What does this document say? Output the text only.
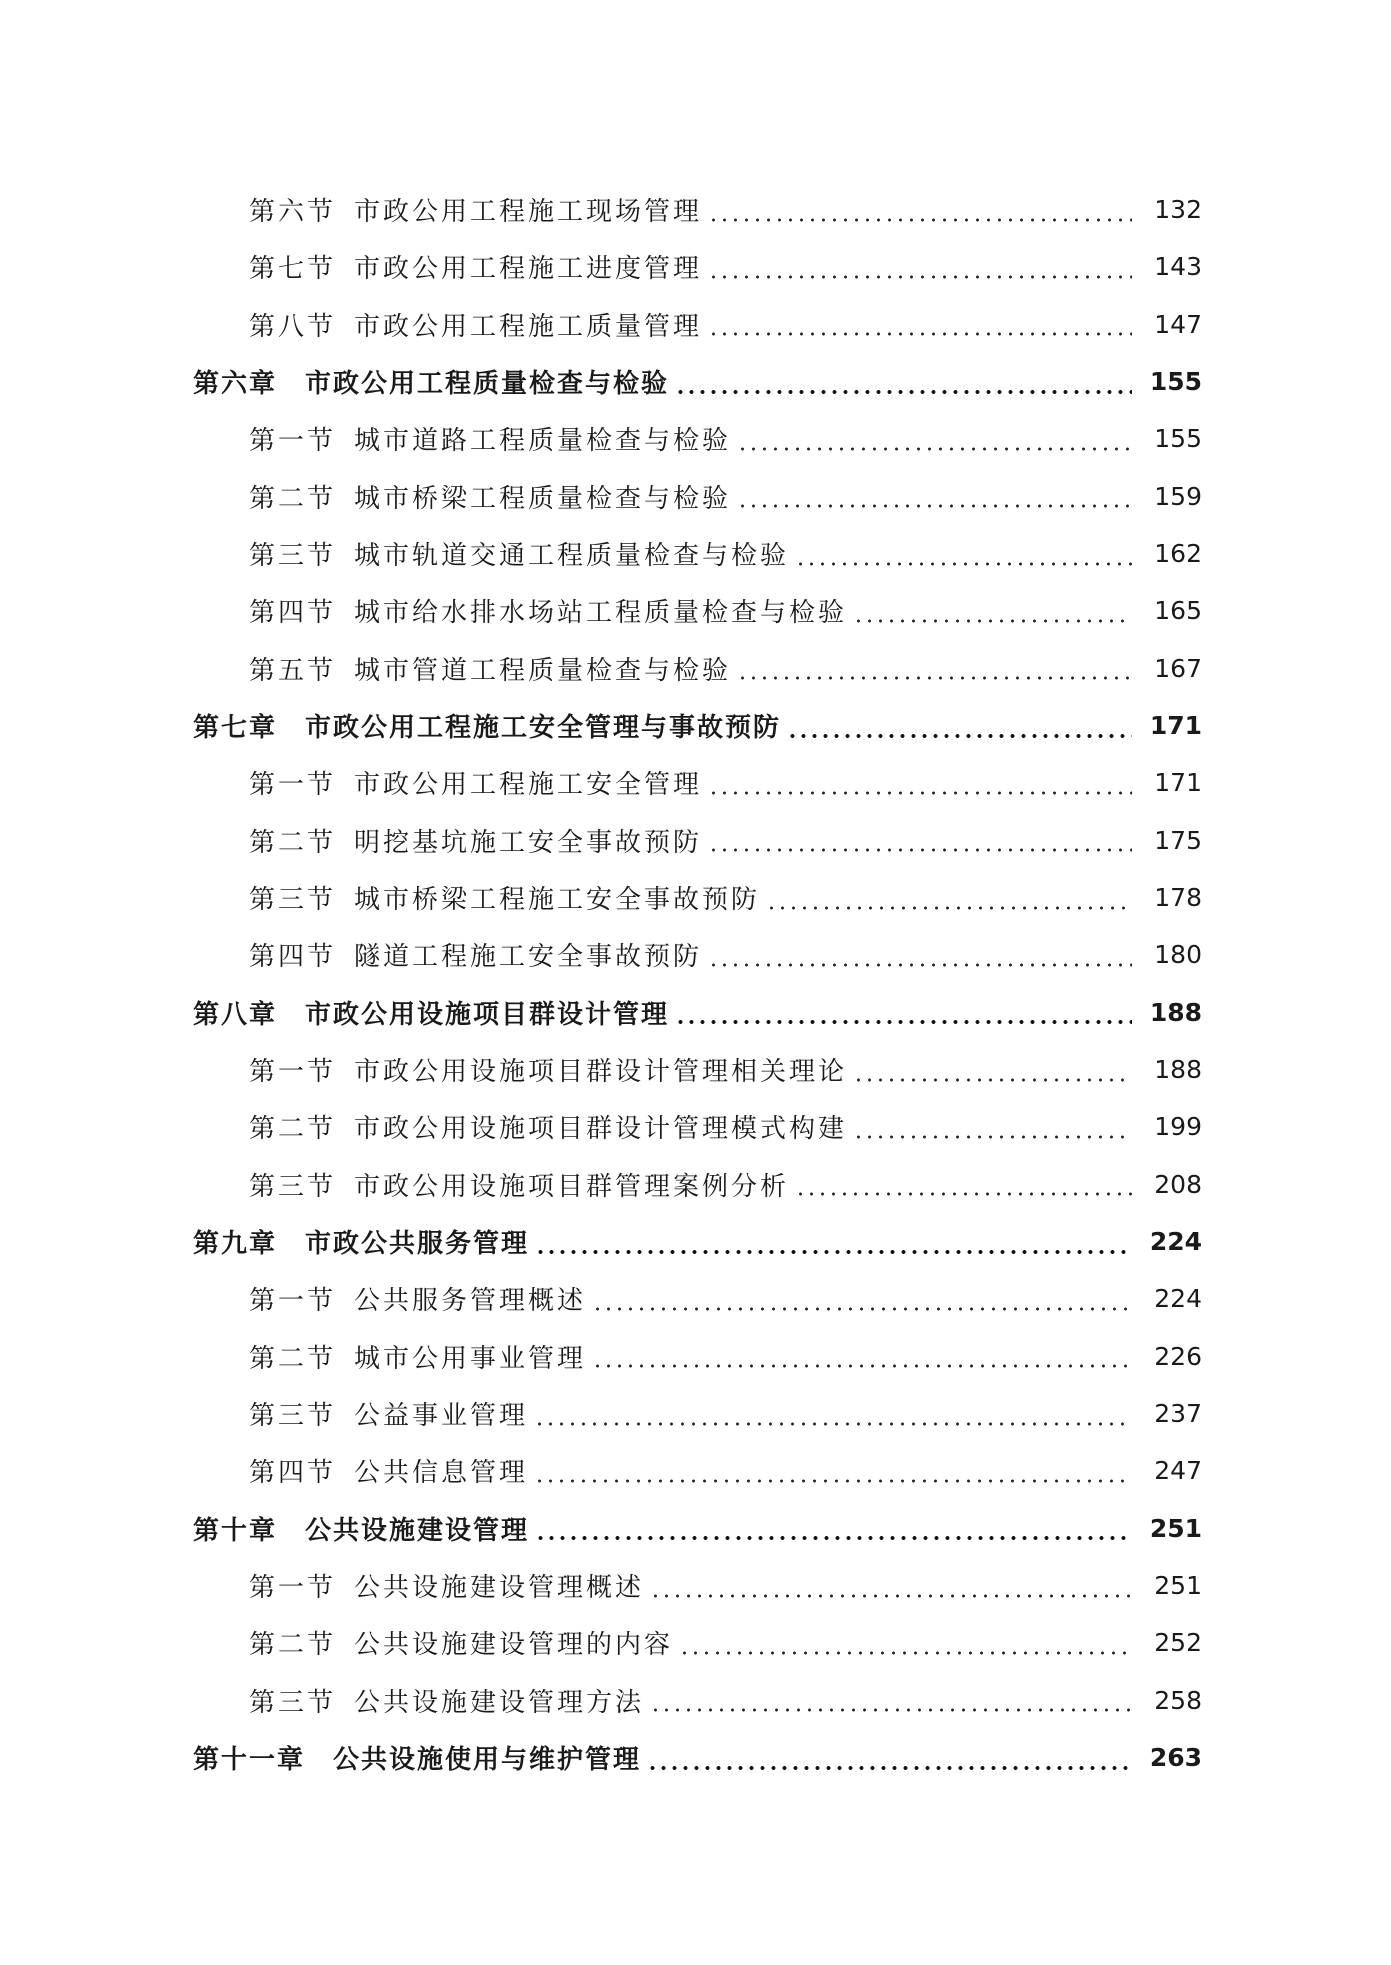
第六节 市政公用工程施工现场管理	132
第七节 市政公用工程施工进度管理	143
第八节 市政公用工程施工质量管理	147
第六章 市政公用工程质量检查与检验	155
第一节 城市道路工程质量检查与检验	155
第二节 城市桥梁工程质量检查与检验	159
第三节 城市轨道交通工程质量检查与检验	162
第四节 城市给水排水场站工程质量检查与检验	165
第五节 城市管道工程质量检查与检验	167
第七章 市政公用工程施工安全管理与事故预防	171
第一节 市政公用工程施工安全管理	171
第二节 明挖基坑施工安全事故预防	175
第三节 城市桥梁工程施工安全事故预防	178
第四节 隧道工程施工安全事故预防	180
第八章 市政公用设施项目群设计管理	188
第一节 市政公用设施项目群设计管理相关理论	188
第二节 市政公用设施项目群设计管理模式构建	199
第三节 市政公用设施项目群管理案例分析	208
第九章 市政公共服务管理	224
第一节 公共服务管理概述	224
第二节 城市公用事业管理	226
第三节 公益事业管理	237
第四节 公共信息管理	247
第十章 公共设施建设管理	251
第一节 公共设施建设管理概述	251
第二节 公共设施建设管理的内容	252
第三节 公共设施建设管理方法	258
第十一章 公共设施使用与维护管理	263
